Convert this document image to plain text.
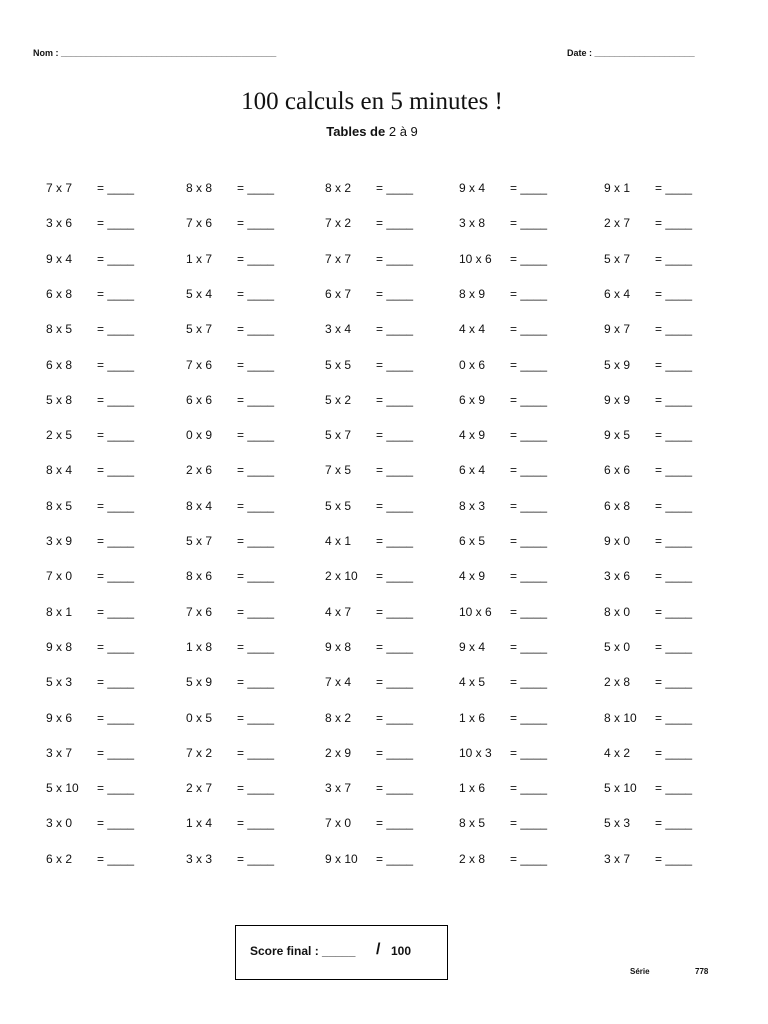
Nom : ___________________________________________	Date : ____________________
100 calculs en 5 minutes !
Tables de 2 à 9
7 x 7 = ____
3 x 6 = ____
9 x 4 = ____
6 x 8 = ____
8 x 5 = ____
6 x 8 = ____
5 x 8 = ____
2 x 5 = ____
8 x 4 = ____
8 x 5 = ____
3 x 9 = ____
7 x 0 = ____
8 x 1 = ____
9 x 8 = ____
5 x 3 = ____
9 x 6 = ____
3 x 7 = ____
5 x 10 = ____
3 x 0 = ____
6 x 2 = ____
8 x 8 = ____
7 x 6 = ____
1 x 7 = ____
5 x 4 = ____
5 x 7 = ____
7 x 6 = ____
6 x 6 = ____
0 x 9 = ____
2 x 6 = ____
8 x 4 = ____
5 x 7 = ____
8 x 6 = ____
7 x 6 = ____
1 x 8 = ____
5 x 9 = ____
0 x 5 = ____
7 x 2 = ____
2 x 7 = ____
1 x 4 = ____
3 x 3 = ____
8 x 2 = ____
7 x 2 = ____
7 x 7 = ____
6 x 7 = ____
3 x 4 = ____
5 x 5 = ____
5 x 2 = ____
5 x 7 = ____
7 x 5 = ____
5 x 5 = ____
4 x 1 = ____
2 x 10 = ____
4 x 7 = ____
9 x 8 = ____
7 x 4 = ____
8 x 2 = ____
2 x 9 = ____
3 x 7 = ____
7 x 0 = ____
9 x 10 = ____
9 x 4 = ____
3 x 8 = ____
10 x 6 = ____
8 x 9 = ____
4 x 4 = ____
0 x 6 = ____
6 x 9 = ____
4 x 9 = ____
6 x 4 = ____
8 x 3 = ____
6 x 5 = ____
4 x 9 = ____
10 x 6 = ____
9 x 4 = ____
4 x 5 = ____
1 x 6 = ____
10 x 3 = ____
1 x 6 = ____
8 x 5 = ____
2 x 8 = ____
9 x 1 = ____
2 x 7 = ____
5 x 7 = ____
6 x 4 = ____
9 x 7 = ____
5 x 9 = ____
9 x 9 = ____
9 x 5 = ____
6 x 6 = ____
6 x 8 = ____
9 x 0 = ____
3 x 6 = ____
8 x 0 = ____
5 x 0 = ____
2 x 8 = ____
8 x 10 = ____
4 x 2 = ____
5 x 10 = ____
5 x 3 = ____
3 x 7 = ____
Score final : _____ / 100
Série	778
